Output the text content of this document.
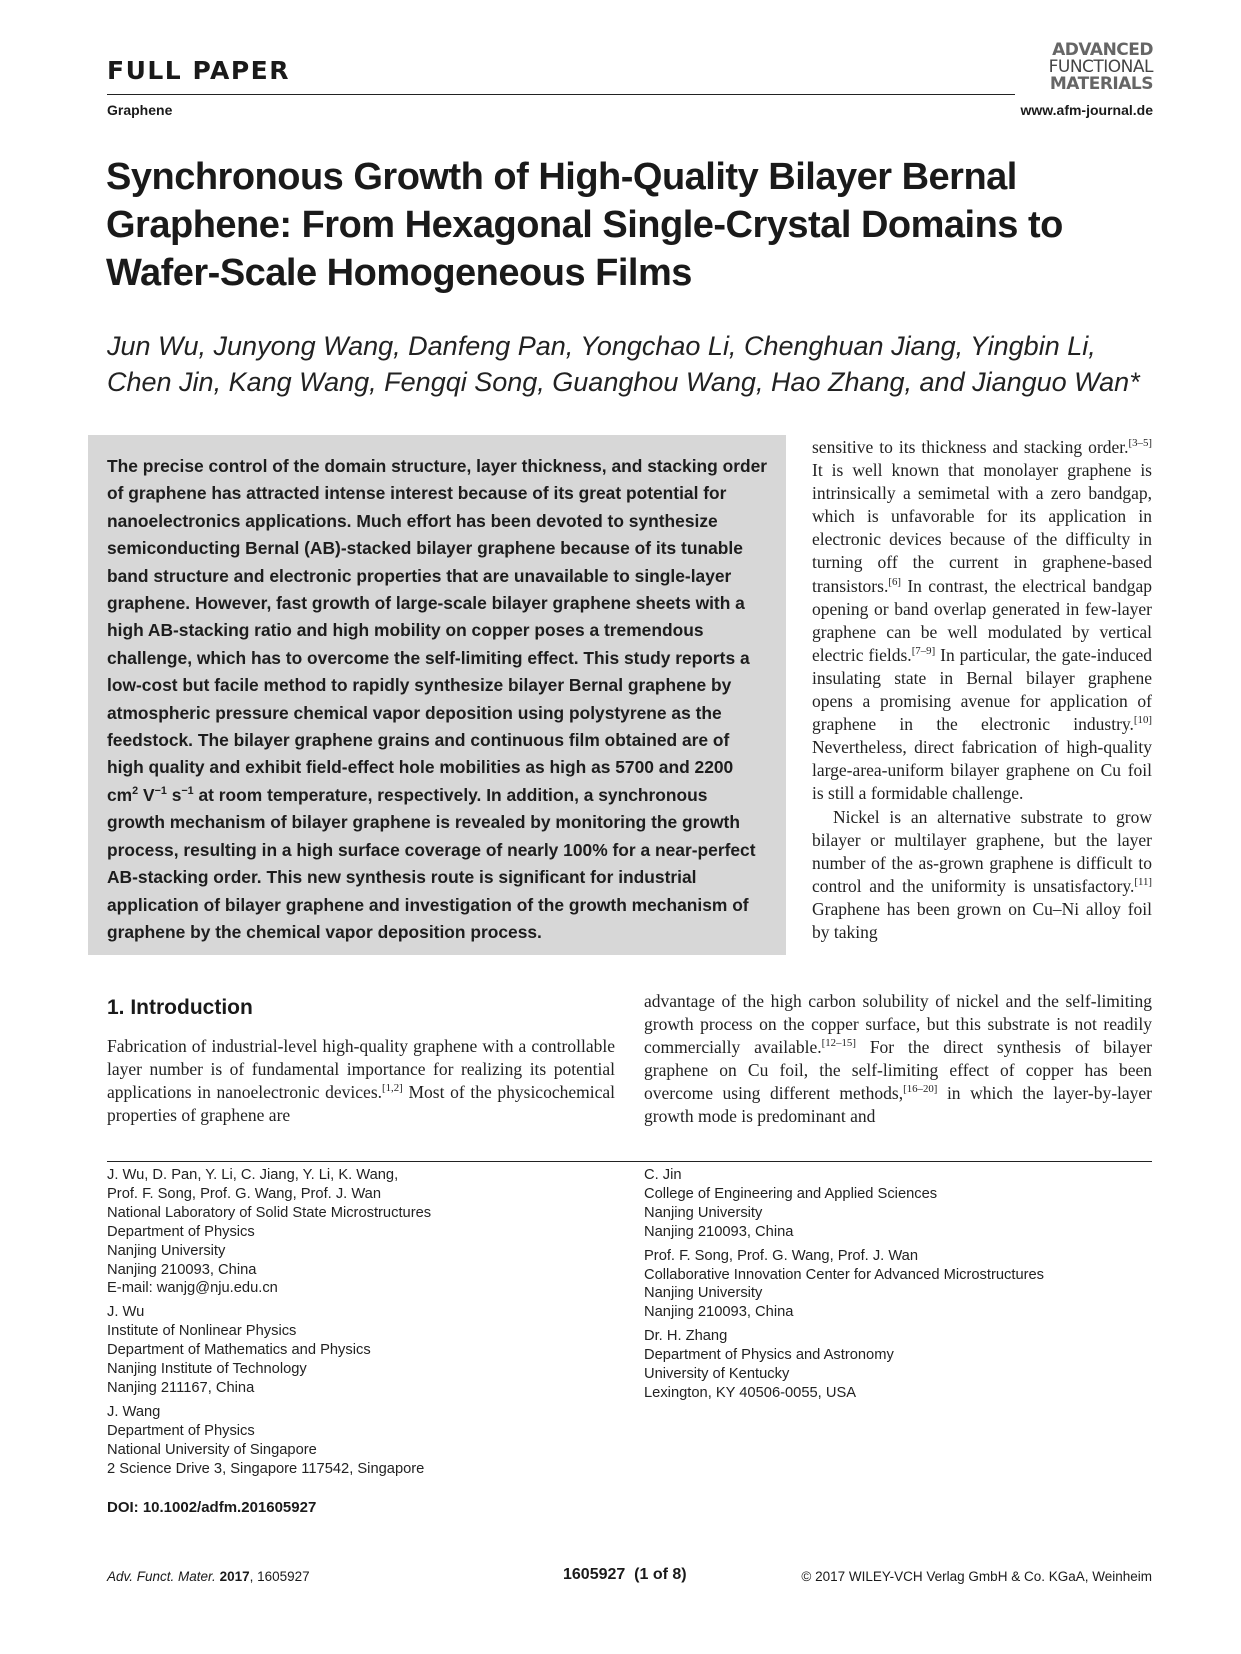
FULL PAPER
Graphene
ADVANCED
FUNCTIONAL
MATERIALS
www.afm-journal.de
Synchronous Growth of High-Quality Bilayer Bernal Graphene: From Hexagonal Single-Crystal Domains to Wafer-Scale Homogeneous Films
Jun Wu, Junyong Wang, Danfeng Pan, Yongchao Li, Chenghuan Jiang, Yingbin Li, Chen Jin, Kang Wang, Fengqi Song, Guanghou Wang, Hao Zhang, and Jianguo Wan*

The precise control of the domain structure, layer thickness, and stacking order of graphene has attracted intense interest because of its great potential for nanoelectronics applications. Much effort has been devoted to synthesize semiconducting Bernal (AB)-stacked bilayer graphene because of its tunable band structure and electronic properties that are unavailable to single-layer graphene. However, fast growth of large-scale bilayer graphene sheets with a high AB-stacking ratio and high mobility on copper poses a tremendous challenge, which has to overcome the self-limiting effect. This study reports a low-cost but facile method to rapidly synthesize bilayer Bernal graphene by atmospheric pressure chemical vapor deposition using polystyrene as the feedstock. The bilayer graphene grains and continuous film obtained are of high quality and exhibit field-effect hole mobilities as high as 5700 and 2200 $cm^2$ $V^{-1}$ $s^{-1}$ at room temperature, respectively. In addition, a synchronous growth mechanism of bilayer graphene is revealed by monitoring the growth process, resulting in a high surface coverage of nearly 100% for a near-perfect AB-stacking order. This new synthesis route is significant for industrial application of bilayer graphene and investigation of the growth mechanism of graphene by the chemical vapor deposition process.

sensitive to its thickness and stacking order.[3–5] It is well known that monolayer graphene is intrinsically a semimetal with a zero bandgap, which is unfavorable for its application in electronic devices because of the difficulty in turning off the current in graphene-based transistors.[6] In contrast, the electrical bandgap opening or band overlap generated in few-layer graphene can be well modulated by vertical electric fields.[7–9] In particular, the gate-induced insulating state in Bernal bilayer graphene opens a promising avenue for application of graphene in the electronic industry.[10] Nevertheless, direct fabrication of high-quality large-area-uniform bilayer graphene on Cu foil is still a formidable challenge.

Nickel is an alternative substrate to grow bilayer or multilayer graphene, but the layer number of the as-grown graphene is difficult to control and the uniformity is unsatisfactory.[11] Graphene has been grown on Cu–Ni alloy foil by taking

advantage of the high carbon solubility of nickel and the self-limiting growth process on the copper surface, but this substrate is not readily commercially available.[12–15] For the direct synthesis of bilayer graphene on Cu foil, the self-limiting effect of copper has been overcome using different methods,[16–20] in which the layer-by-layer growth mode is predominant and

1. Introduction

Fabrication of industrial-level high-quality graphene with a controllable layer number is of fundamental importance for realizing its potential applications in nanoelectronic devices.[1,2] Most of the physicochemical properties of graphene are

J. Wu, D. Pan, Y. Li, C. Jiang, Y. Li, K. Wang,
Prof. F. Song, Prof. G. Wang, Prof. J. Wan
National Laboratory of Solid State Microstructures
Department of Physics
Nanjing University
Nanjing 210093, China
E-mail: wanjg@nju.edu.cn
J. Wu
Institute of Nonlinear Physics
Department of Mathematics and Physics
Nanjing Institute of Technology
Nanjing 211167, China
J. Wang
Department of Physics
National University of Singapore
2 Science Drive 3, Singapore 117542, Singapore
C. Jin
College of Engineering and Applied Sciences
Nanjing University
Nanjing 210093, China
Prof. F. Song, Prof. G. Wang, Prof. J. Wan
Collaborative Innovation Center for Advanced Microstructures
Nanjing University
Nanjing 210093, China
Dr. H. Zhang
Department of Physics and Astronomy
University of Kentucky
Lexington, KY 40506-0055, USA
DOI: 10.1002/adfm.201605927
Adv. Funct. Mater. 2017, 1605927	1605927  (1 of 8)	© 2017 WILEY-VCH Verlag GmbH & Co. KGaA, Weinheim
